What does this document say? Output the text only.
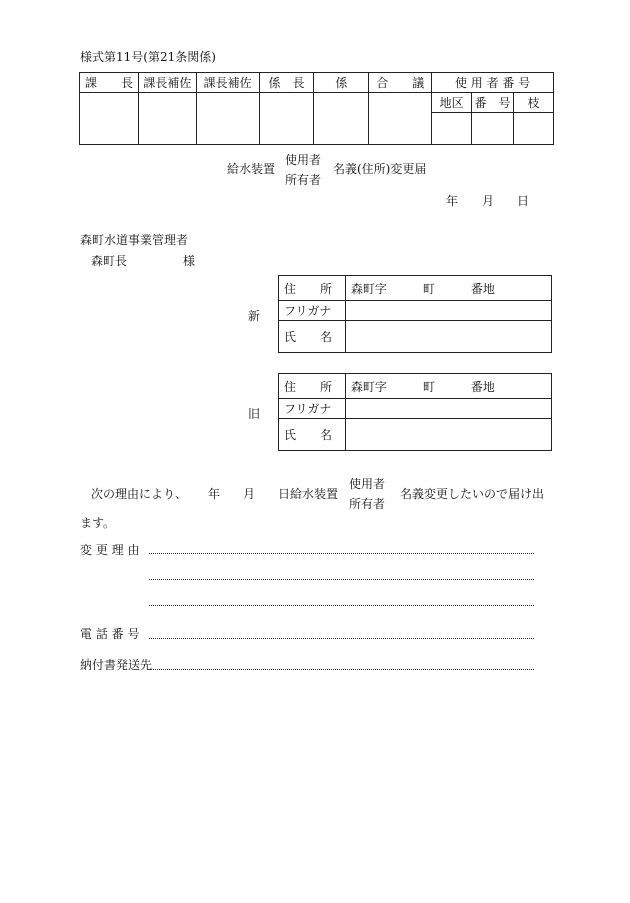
様式第11号(第21条関係)
課　　長	課長補佐	課長補佐	係　長	係	合　　議	使 用 者 番 号		
						地区	番　号	枝

給水装置
使用者
所有者
名義(住所)変更届
年 月 日
森町水道事業管理者
森町長	様
新
住　　所	森町字　　　町　　　番地
フリガナ	
氏　　名	
旧
住　　所	森町字　　　町　　　番地
フリガナ	
氏　　名	
次の理由により、 年 月 日給水装置
使用者
所有者
名義変更したいので届け出
ます。
変 更 理 由
電 話 番 号
納付書発送先
